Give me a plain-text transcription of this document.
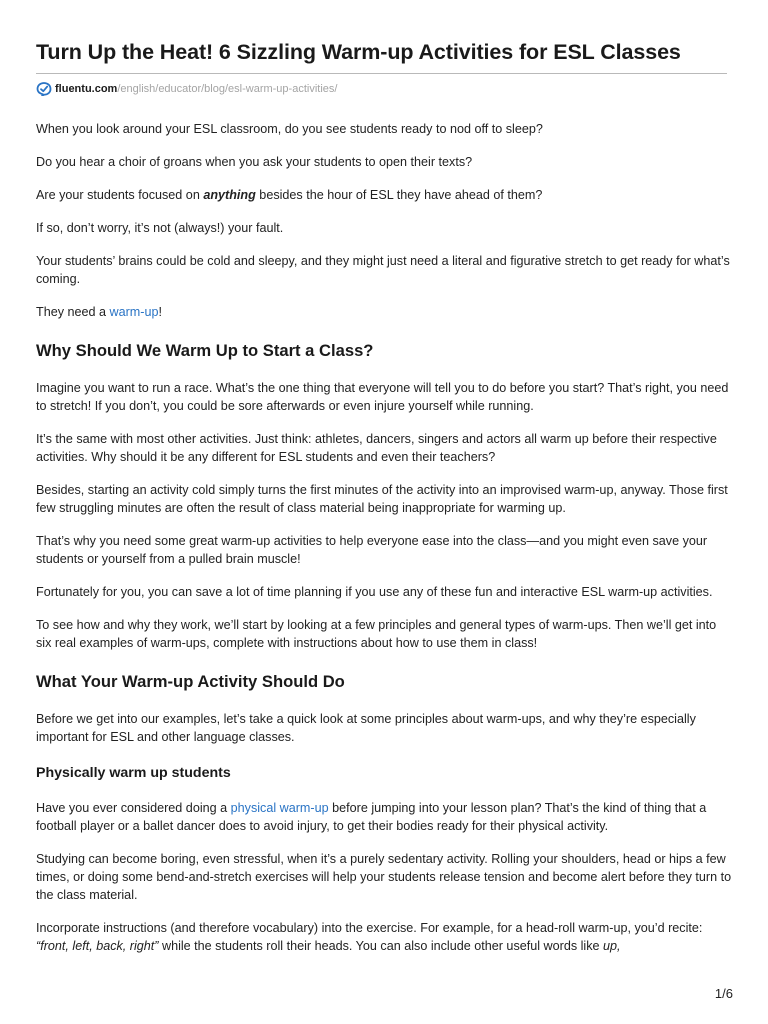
Turn Up the Heat! 6 Sizzling Warm-up Activities for ESL Classes
fluentu.com /english/educator/blog/esl-warm-up-activities/

When you look around your ESL classroom, do you see students ready to nod off to sleep?

Do you hear a choir of groans when you ask your students to open their texts?

Are your students focused on anything besides the hour of ESL they have ahead of them?

If so, don’t worry, it’s not (always!) your fault.

Your students’ brains could be cold and sleepy, and they might just need a literal and figurative stretch to get ready for what’s coming.

They need a warm-up!

Why Should We Warm Up to Start a Class?

Imagine you want to run a race. What’s the one thing that everyone will tell you to do before you start? That’s right, you need to stretch! If you don’t, you could be sore afterwards or even injure yourself while running.

It’s the same with most other activities. Just think: athletes, dancers, singers and actors all warm up before their respective activities. Why should it be any different for ESL students and even their teachers?

Besides, starting an activity cold simply turns the first minutes of the activity into an improvised warm-up, anyway. Those first few struggling minutes are often the result of class material being inappropriate for warming up.

That’s why you need some great warm-up activities to help everyone ease into the class—and you might even save your students or yourself from a pulled brain muscle!

Fortunately for you, you can save a lot of time planning if you use any of these fun and interactive ESL warm-up activities.

To see how and why they work, we’ll start by looking at a few principles and general types of warm-ups. Then we’ll get into six real examples of warm-ups, complete with instructions about how to use them in class!

What Your Warm-up Activity Should Do

Before we get into our examples, let’s take a quick look at some principles about warm-ups, and why they’re especially important for ESL and other language classes.

Physically warm up students

Have you ever considered doing a physical warm-up before jumping into your lesson plan? That’s the kind of thing that a football player or a ballet dancer does to avoid injury, to get their bodies ready for their physical activity.

Studying can become boring, even stressful, when it’s a purely sedentary activity. Rolling your shoulders, head or hips a few times, or doing some bend-and-stretch exercises will help your students release tension and become alert before they turn to the class material.

Incorporate instructions (and therefore vocabulary) into the exercise. For example, for a head-roll warm-up, you’d recite: “front, left, back, right” while the students roll their heads. You can also include other useful words like up,

1/6
